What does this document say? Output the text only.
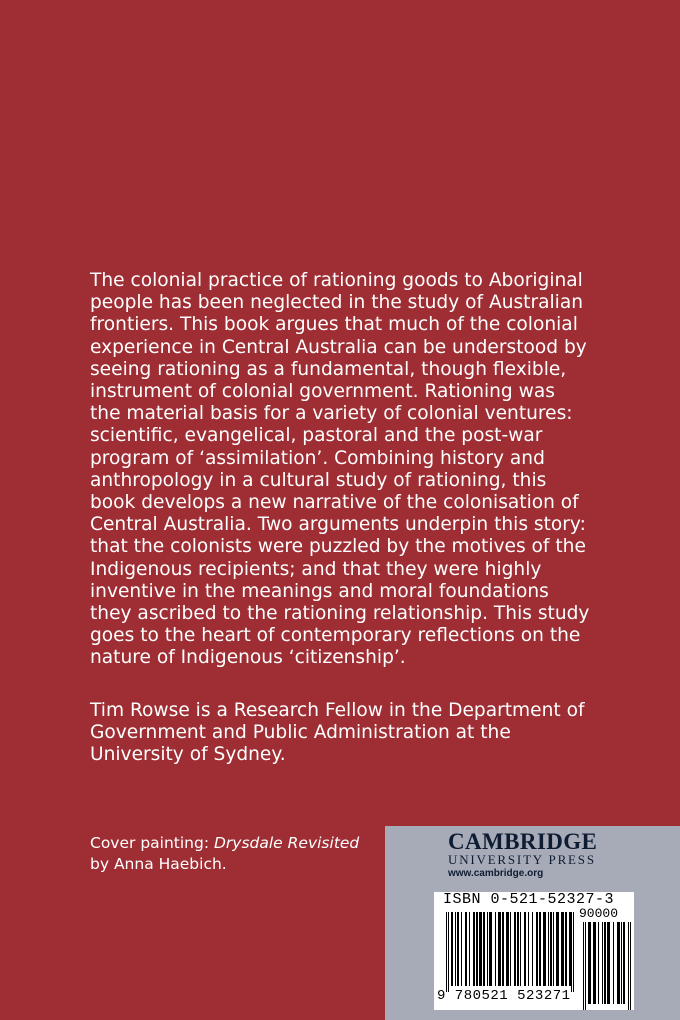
The colonial practice of rationing goods to Aboriginal people has been neglected in the study of Australian frontiers. This book argues that much of the colonial experience in Central Australia can be understood by seeing rationing as a fundamental, though flexible, instrument of colonial government. Rationing was the material basis for a variety of colonial ventures: scientific, evangelical, pastoral and the post-war program of ‘assimilation’. Combining history and anthropology in a cultural study of rationing, this book develops a new narrative of the colonisation of Central Australia. Two arguments underpin this story: that the colonists were puzzled by the motives of the Indigenous recipients; and that they were highly inventive in the meanings and moral foundations they ascribed to the rationing relationship. This study goes to the heart of contemporary reflections on the nature of Indigenous ‘citizenship’.

Tim Rowse is a Research Fellow in the Department of Government and Public Administration at the University of Sydney.

Cover painting: Drysdale Revisited by Anna Haebich.

CAMBRIDGE
UNIVERSITY PRESS
www.cambridge.org
ISBN 0-521-52327-3
90000
9 780521 523271
